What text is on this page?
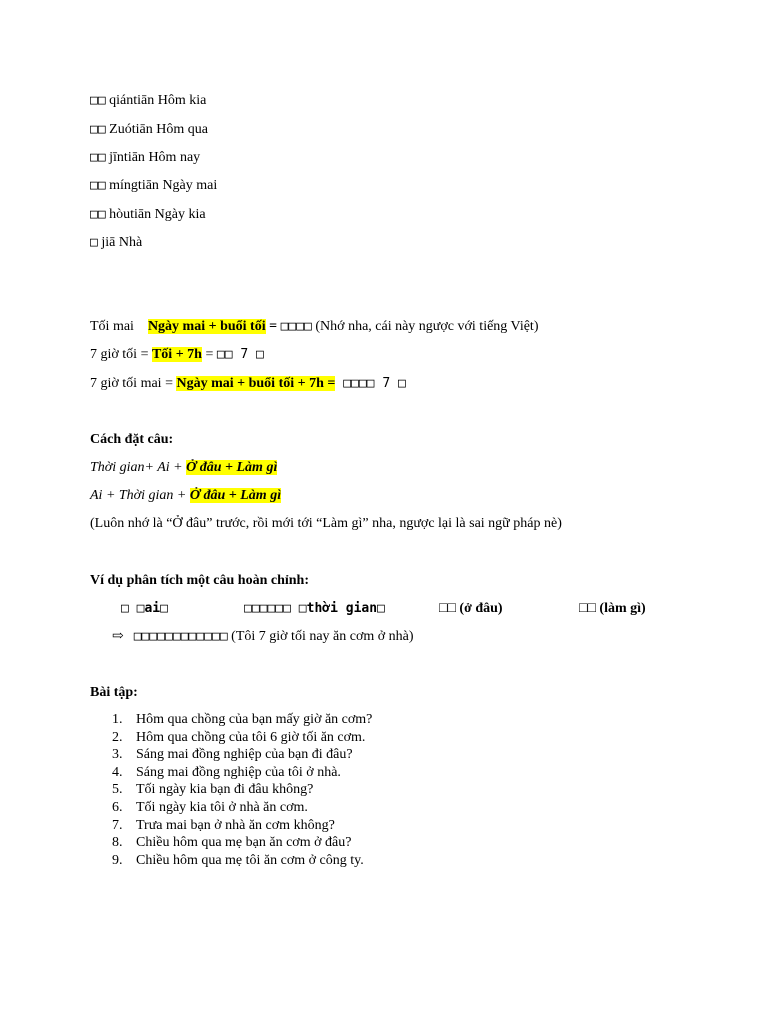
□□ qiántiān Hôm kia
□□ Zuótiān Hôm qua
□□ jīntiān Hôm nay
□□ míngtiān Ngày mai
□□ hòutiān Ngày kia
□ jiā Nhà
Tối mai Ngày mai + buổi tối = □□□□ (Nhớ nha, cái này ngược với tiếng Việt)
7 giờ tối = Tối + 7h = □□ 7 □
7 giờ tối mai = Ngày mai + buổi tối + 7h = □□□□ 7 □
Cách đặt câu:
Thời gian+ Ai + Ở đâu + Làm gì
Ai + Thời gian + Ở đâu + Làm gì
(Luôn nhớ là “Ở đâu” trước, rồi mới tới “Làm gì” nha, ngược lại là sai ngữ pháp nè)
Ví dụ phân tích một câu hoàn chỉnh:
□ □ai□	□□□□□□ □thời gian□	□□ (ở đâu)	□□ (làm gì)
⇨ □□□□□□□□□□□□ (Tôi 7 giờ tối nay ăn cơm ở nhà)
Bài tập:
1. Hôm qua chồng của bạn mấy giờ ăn cơm?
2. Hôm qua chồng của tôi 6 giờ tối ăn cơm.
3. Sáng mai đồng nghiệp của bạn đi đâu?
4. Sáng mai đồng nghiệp của tôi ở nhà.
5. Tối ngày kia bạn đi đâu không?
6. Tối ngày kia tôi ở nhà ăn cơm.
7. Trưa mai bạn ở nhà ăn cơm không?
8. Chiều hôm qua mẹ bạn ăn cơm ở đâu?
9. Chiều hôm qua mẹ tôi ăn cơm ở công ty.
